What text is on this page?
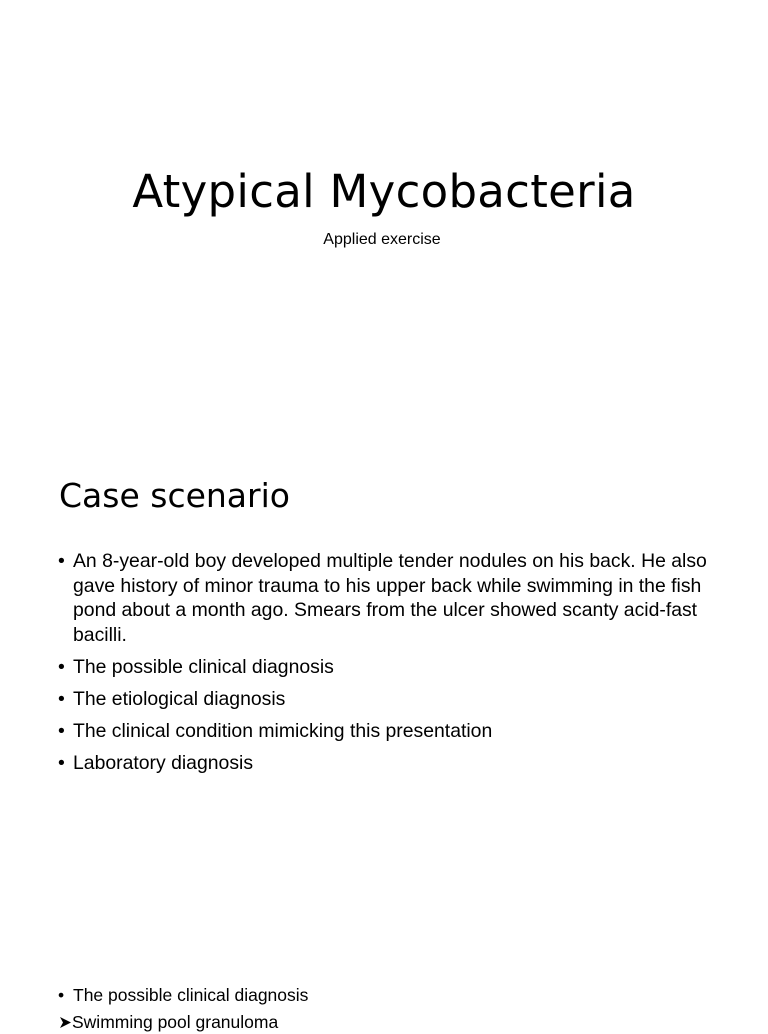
Atypical Mycobacteria

Applied exercise

Case scenario
• An 8-year-old boy developed multiple tender nodules on his back. He also gave history of minor trauma to his upper back while swimming in the fish pond about a month ago. Smears from the ulcer showed scanty acid-fast bacilli.
• The possible clinical diagnosis
• The etiological diagnosis
• The clinical condition mimicking this presentation
• Laboratory diagnosis
• The possible clinical diagnosis

Swimming pool granuloma
